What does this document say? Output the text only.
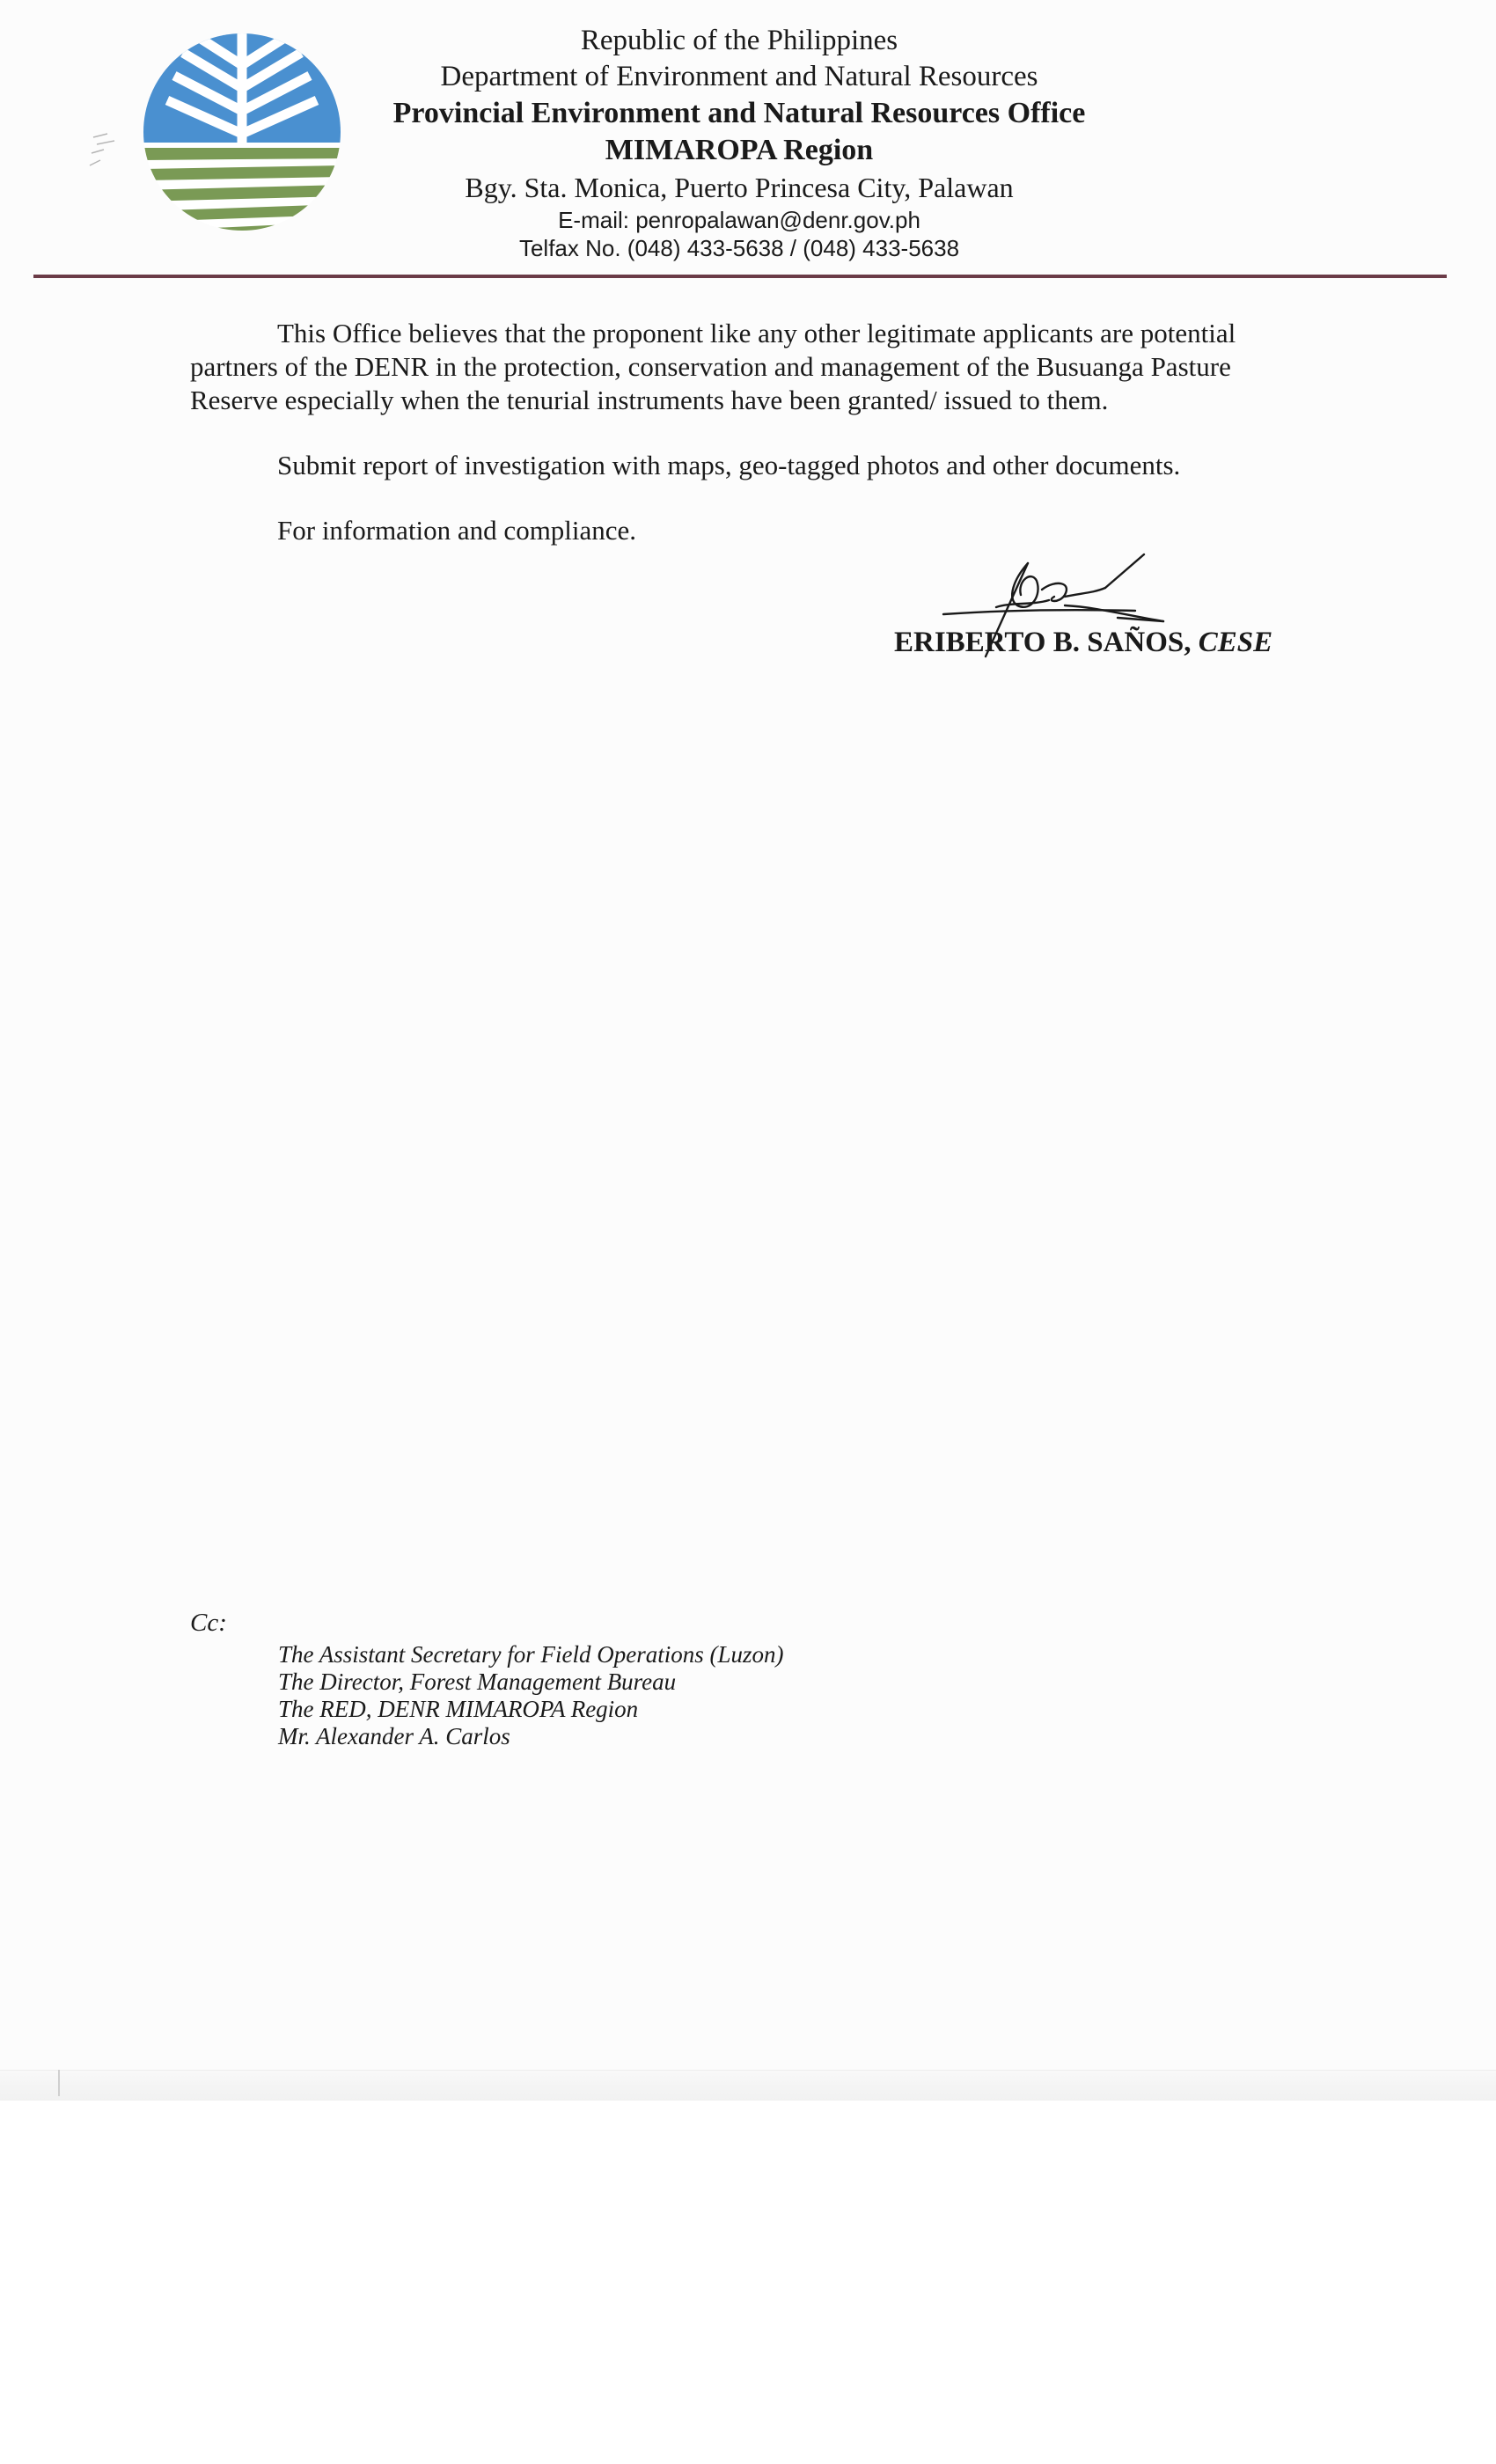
Republic of the Philippines
Department of Environment and Natural Resources
Provincial Environment and Natural Resources Office
MIMAROPA Region
Bgy. Sta. Monica, Puerto Princesa City, Palawan
E-mail: penropalawan@denr.gov.ph
Telfax No. (048) 433-5638 / (048) 433-5638

This Office believes that the proponent like any other legitimate applicants are potential partners of the DENR in the protection, conservation and management of the Busuanga Pasture Reserve especially when the tenurial instruments have been granted/ issued to them.

Submit report of investigation with maps, geo-tagged photos and other documents.

For information and compliance.

ERIBERTO B. SAÑOS, CESE
Cc:
The Assistant Secretary for Field Operations (Luzon)
The Director, Forest Management Bureau
The RED, DENR MIMAROPA Region
Mr. Alexander A. Carlos
